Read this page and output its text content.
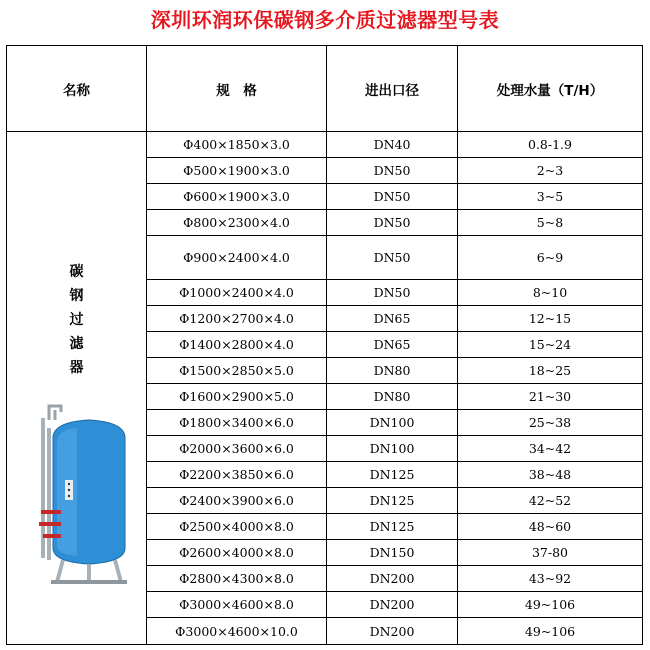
深圳环润环保碳钢多介质过滤器型号表
名称	规　格	进出口径	处理水量（T/H）

碳
钢
过
滤
器	Φ400×1850×3.0	DN40	0.8-1.9
	Φ500×1900×3.0	DN50	2~3
	Φ600×1900×3.0	DN50	3~5
	Φ800×2300×4.0	DN50	5~8
	Φ900×2400×4.0	DN50	6~9
	Φ1000×2400×4.0	DN50	8~10
	Φ1200×2700×4.0	DN65	12~15
	Φ1400×2800×4.0	DN65	15~24
	Φ1500×2850×5.0	DN80	18~25
	Φ1600×2900×5.0	DN80	21~30
	Φ1800×3400×6.0	DN100	25~38
	Φ2000×3600×6.0	DN100	34~42
	Φ2200×3850×6.0	DN125	38~48
	Φ2400×3900×6.0	DN125	42~52
	Φ2500×4000×8.0	DN125	48~60
	Φ2600×4000×8.0	DN150	37-80
	Φ2800×4300×8.0	DN200	43~92
	Φ3000×4600×8.0	DN200	49~106
	Φ3000×4600×10.0	DN200	49~106
